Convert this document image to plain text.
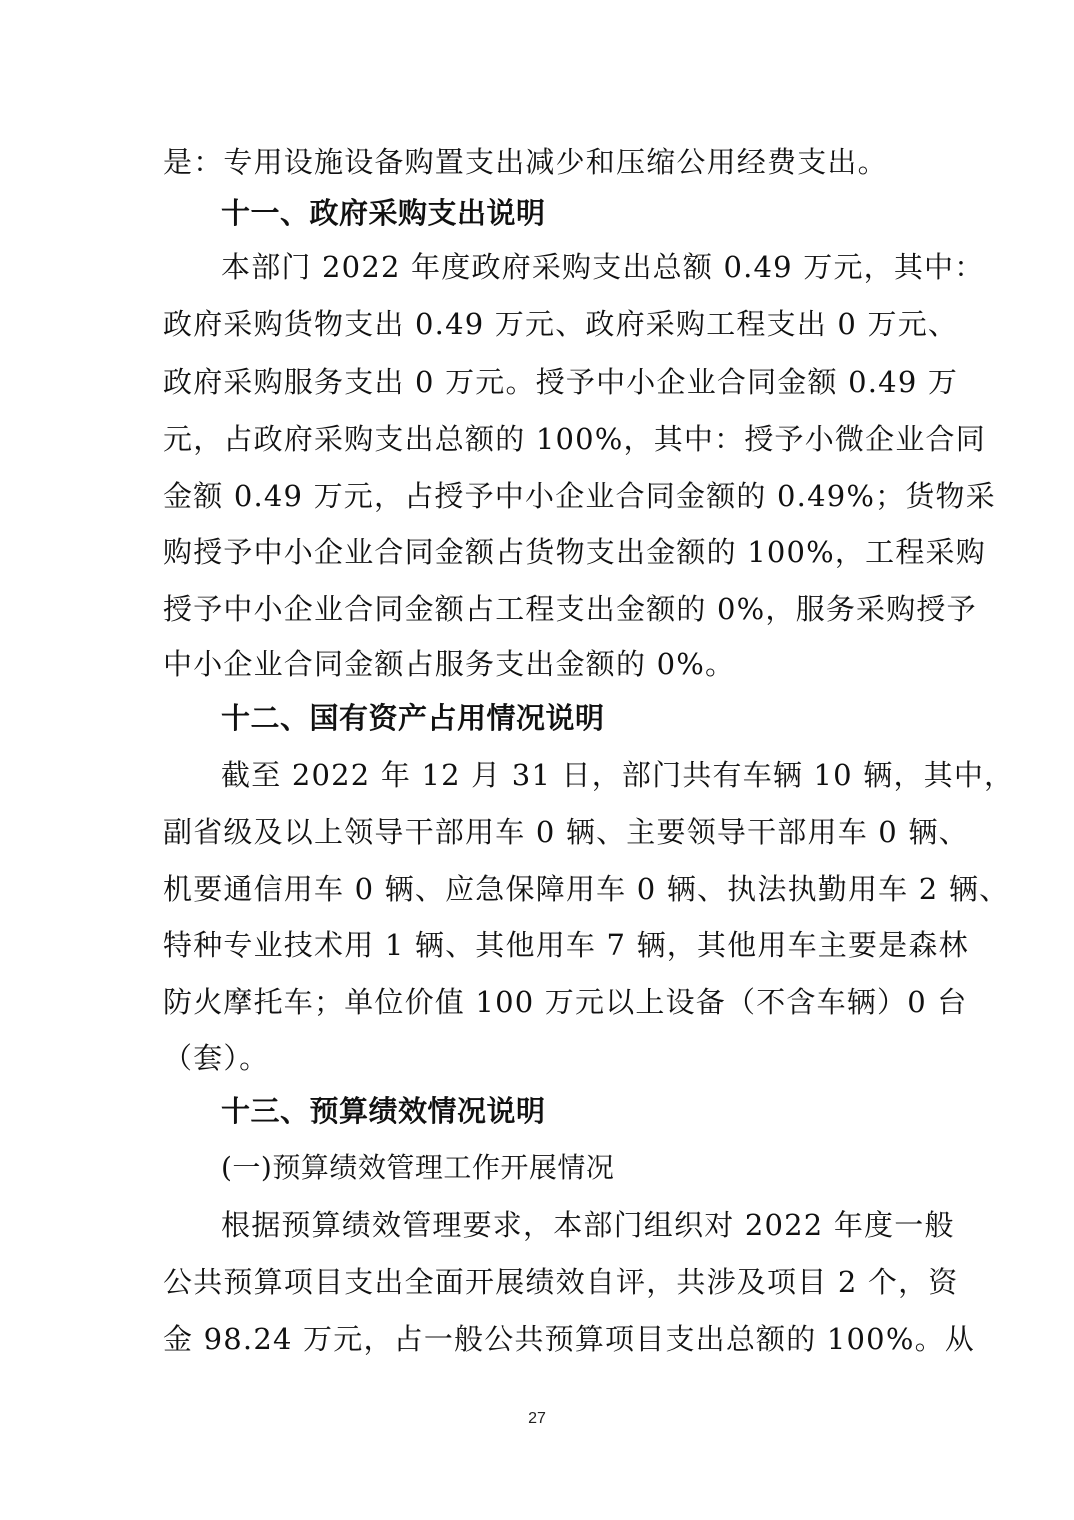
是：专用设施设备购置支出减少和压缩公用经费支出。
十一、政府采购支出说明
本部门 2022 年度政府采购支出总额 0.49 万元，其中：
政府采购货物支出 0.49 万元、政府采购工程支出 0 万元、
政府采购服务支出 0 万元。授予中小企业合同金额 0.49 万
元，占政府采购支出总额的 100%，其中：授予小微企业合同
金额 0.49 万元，占授予中小企业合同金额的 0.49%；货物采
购授予中小企业合同金额占货物支出金额的 100%，工程采购
授予中小企业合同金额占工程支出金额的 0%，服务采购授予
中小企业合同金额占服务支出金额的 0%。
十二、国有资产占用情况说明
截至 2022 年 12 月 31 日，部门共有车辆 10 辆，其中，
副省级及以上领导干部用车 0 辆、主要领导干部用车 0 辆、
机要通信用车 0 辆、应急保障用车 0 辆、执法执勤用车 2 辆、
特种专业技术用 1 辆、其他用车 7 辆，其他用车主要是森林
防火摩托车；单位价值 100 万元以上设备（不含车辆）0 台
（套）。
十三、预算绩效情况说明
(一)预算绩效管理工作开展情况
根据预算绩效管理要求，本部门组织对 2022 年度一般
公共预算项目支出全面开展绩效自评，共涉及项目 2 个，资
金 98.24 万元，占一般公共预算项目支出总额的 100%。从
27
